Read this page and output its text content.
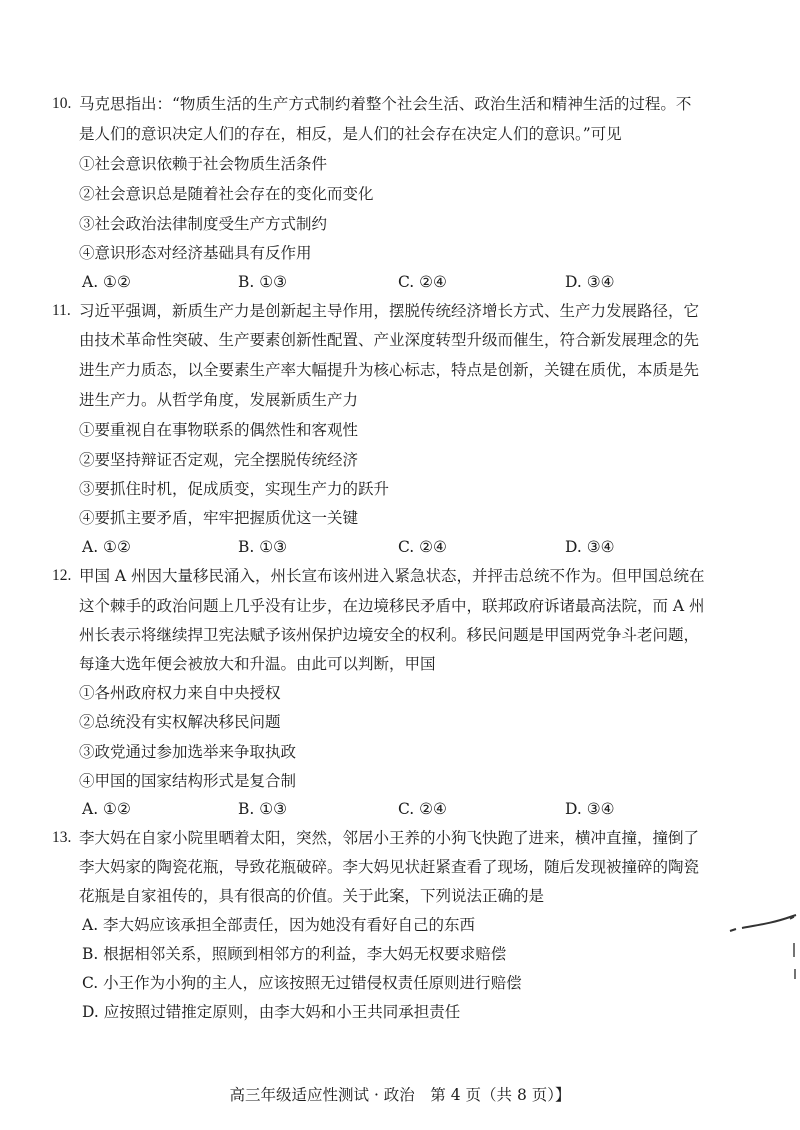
10. 马克思指出：“物质生活的生产方式制约着整个社会生活、政治生活和精神生活的过程。不
是人们的意识决定人们的存在，相反，是人们的社会存在决定人们的意识。”可见
①社会意识依赖于社会物质生活条件
②社会意识总是随着社会存在的变化而变化
③社会政治法律制度受生产方式制约
④意识形态对经济基础具有反作用
A. ①②	B. ①③	C. ②④	D. ③④
11. 习近平强调，新质生产力是创新起主导作用，摆脱传统经济增长方式、生产力发展路径，它
由技术革命性突破、生产要素创新性配置、产业深度转型升级而催生，符合新发展理念的先
进生产力质态，以全要素生产率大幅提升为核心标志，特点是创新，关键在质优，本质是先
进生产力。从哲学角度，发展新质生产力
①要重视自在事物联系的偶然性和客观性
②要坚持辩证否定观，完全摆脱传统经济
③要抓住时机，促成质变，实现生产力的跃升
④要抓主要矛盾，牢牢把握质优这一关键
A. ①②	B. ①③	C. ②④	D. ③④
12. 甲国 A 州因大量移民涌入，州长宣布该州进入紧急状态，并抨击总统不作为。但甲国总统在
这个棘手的政治问题上几乎没有让步，在边境移民矛盾中，联邦政府诉诸最高法院，而 A 州
州长表示将继续捍卫宪法赋予该州保护边境安全的权利。移民问题是甲国两党争斗老问题，
每逢大选年便会被放大和升温。由此可以判断，甲国
①各州政府权力来自中央授权
②总统没有实权解决移民问题
③政党通过参加选举来争取执政
④甲国的国家结构形式是复合制
A. ①②	B. ①③	C. ②④	D. ③④
13. 李大妈在自家小院里晒着太阳，突然，邻居小王养的小狗飞快跑了进来，横冲直撞，撞倒了
李大妈家的陶瓷花瓶，导致花瓶破碎。李大妈见状赶紧查看了现场，随后发现被撞碎的陶瓷
花瓶是自家祖传的，具有很高的价值。关于此案，下列说法正确的是
A. 李大妈应该承担全部责任，因为她没有看好自己的东西
B. 根据相邻关系，照顾到相邻方的利益，李大妈无权要求赔偿
C. 小王作为小狗的主人，应该按照无过错侵权责任原则进行赔偿
D. 应按照过错推定原则，由李大妈和小王共同承担责任
高三年级适应性测试 · 政治　第 4 页（共 8 页）】
